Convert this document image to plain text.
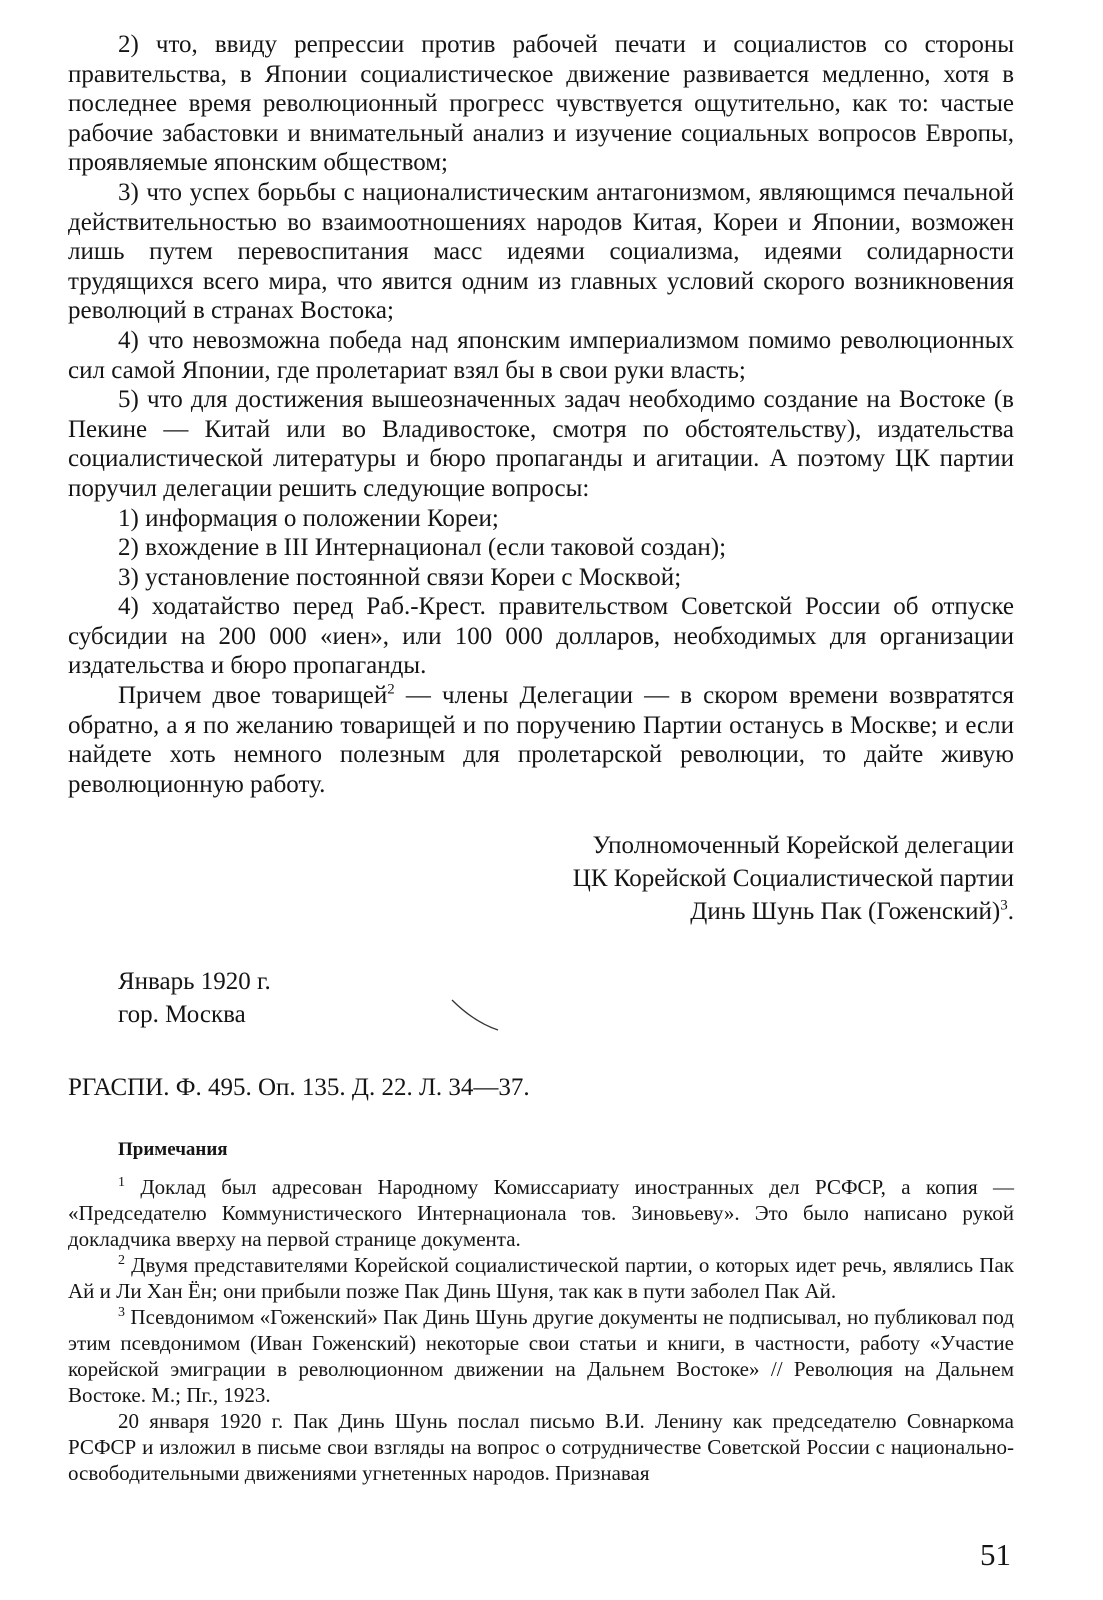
2) что, ввиду репрессии против рабочей печати и социалистов со стороны правительства, в Японии социалистическое движение развивается медленно, хотя в последнее время революционный прогресс чувствуется ощутительно, как то: частые рабочие забастовки и внимательный анализ и изучение социальных вопросов Европы, проявляемые японским обществом;

3) что успех борьбы с националистическим антагонизмом, являющимся печальной действительностью во взаимоотношениях народов Китая, Кореи и Японии, возможен лишь путем перевоспитания масс идеями социализма, идеями солидарности трудящихся всего мира, что явится одним из главных условий скорого возникновения революций в странах Востока;

4) что невозможна победа над японским империализмом помимо революционных сил самой Японии, где пролетариат взял бы в свои руки власть;

5) что для достижения вышеозначенных задач необходимо создание на Востоке (в Пекине — Китай или во Владивостоке, смотря по обстоятельству), издательства социалистической литературы и бюро пропаганды и агитации. А поэтому ЦК партии поручил делегации решить следующие вопросы:

1) информация о положении Кореи;

2) вхождение в III Интернационал (если таковой создан);

3) установление постоянной связи Кореи с Москвой;

4) ходатайство перед Раб.-Крест. правительством Советской России об отпуске субсидии на 200 000 «иен», или 100 000 долларов, необходимых для организации издательства и бюро пропаганды.

Причем двое товарищей$^2$ — члены Делегации — в скором времени возвратятся обратно, а я по желанию товарищей и по поручению Партии останусь в Москве; и если найдете хоть немного полезным для пролетарской революции, то дайте живую революционную работу.

Уполномоченный Корейской делегации
ЦК Корейской Социалистической партии
Динь Шунь Пак (Гоженский)$^3$.
Январь 1920 г.
гор. Москва
РГАСПИ. Ф. 495. Оп. 135. Д. 22. Л. 34—37.
Примечания

$^1$ Доклад был адресован Народному Комиссариату иностранных дел РСФСР, а копия — «Председателю Коммунистического Интернационала тов. Зиновьеву». Это было написано рукой докладчика вверху на первой странице документа.

$^2$ Двумя представителями Корейской социалистической партии, о которых идет речь, являлись Пак Ай и Ли Хан Ён; они прибыли позже Пак Динь Шуня, так как в пути заболел Пак Ай.

$^3$ Псевдонимом «Гоженский» Пак Динь Шунь другие документы не подписывал, но публиковал под этим псевдонимом (Иван Гоженский) некоторые свои статьи и книги, в частности, работу «Участие корейской эмиграции в революционном движении на Дальнем Востоке» // Революция на Дальнем Востоке. М.; Пг., 1923.

20 января 1920 г. Пак Динь Шунь послал письмо В.И. Ленину как председателю Совнаркома РСФСР и изложил в письме свои взгляды на вопрос о сотрудничестве Советской России с национально-освободительными движениями угнетенных народов. Признавая

51
